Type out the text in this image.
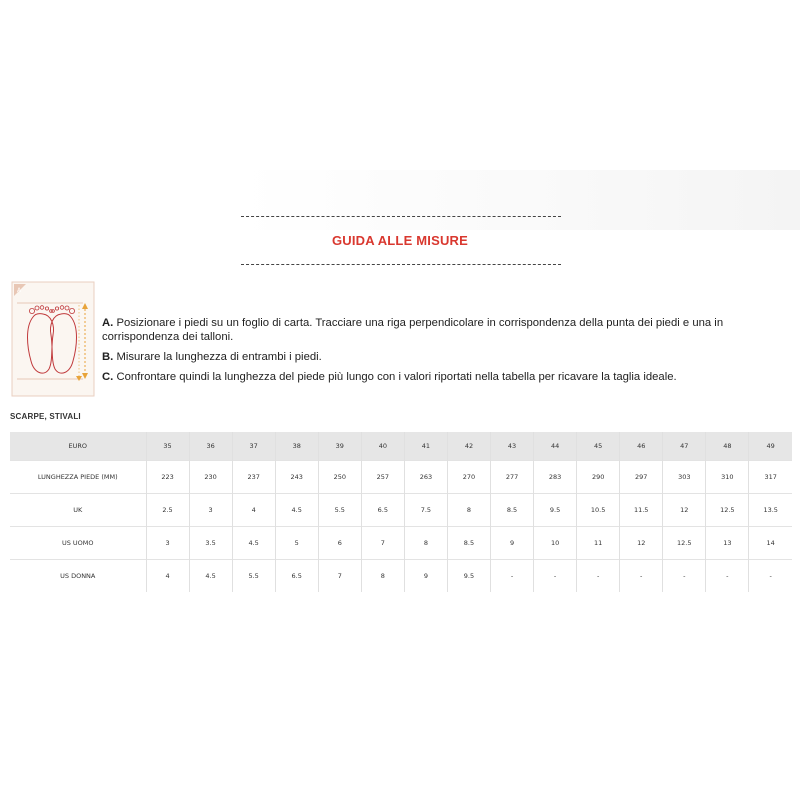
GUIDA ALLE MISURE
A
A. Posizionare i piedi su un foglio di carta. Tracciare una riga perpendicolare in corrispondenza della punta dei piedi e una in corrispondenza dei talloni.
B. Misurare la lunghezza di entrambi i piedi.
C. Confrontare quindi la lunghezza del piede più lungo con i valori riportati nella tabella per ricavare la taglia ideale.
SCARPE, STIVALI
EURO	35	36	37	38	39	40	41	42	43	44	45	46	47	48	49
LUNGHEZZA PIEDE (MM)	223	230	237	243	250	257	263	270	277	283	290	297	303	310	317
UK	2.5	3	4	4.5	5.5	6.5	7.5	8	8.5	9.5	10.5	11.5	12	12.5	13.5
US UOMO	3	3.5	4.5	5	6	7	8	8.5	9	10	11	12	12.5	13	14
US DONNA	4	4.5	5.5	6.5	7	8	9	9.5	-	-	-	-	-	-	-
